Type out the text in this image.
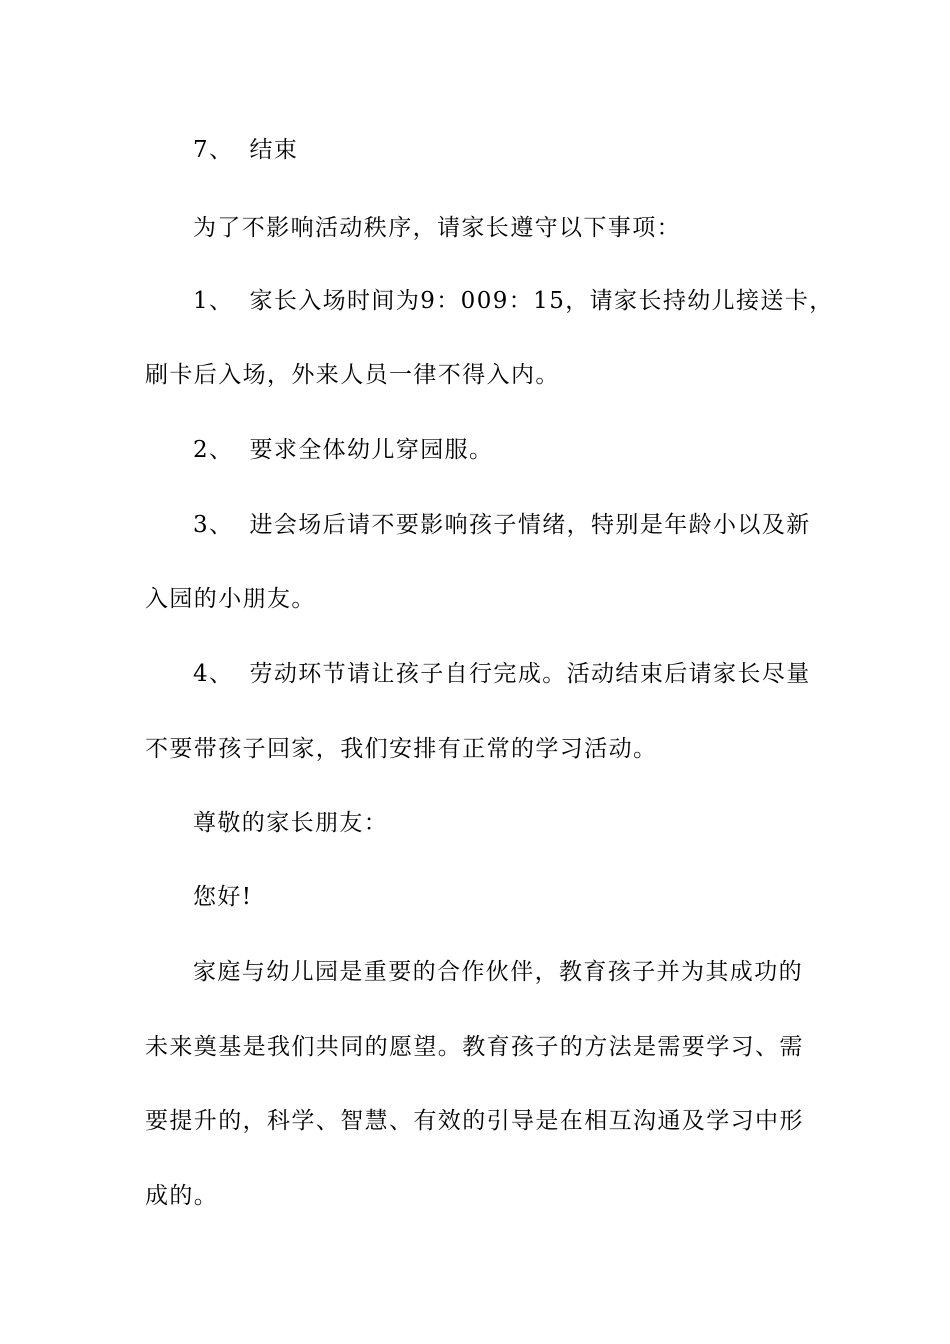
7、 结束
为了不影响活动秩序，请家长遵守以下事项：
1、 家长入场时间为9：009：15，请家长持幼儿接送卡，
刷卡后入场，外来人员一律不得入内。
2、 要求全体幼儿穿园服。
3、 进会场后请不要影响孩子情绪，特别是年龄小以及新
入园的小朋友。
4、 劳动环节请让孩子自行完成。活动结束后请家长尽量
不要带孩子回家，我们安排有正常的学习活动。
尊敬的家长朋友：
您好!
家庭与幼儿园是重要的合作伙伴，教育孩子并为其成功的
未来奠基是我们共同的愿望。教育孩子的方法是需要学习、需
要提升的，科学、智慧、有效的引导是在相互沟通及学习中形
成的。
